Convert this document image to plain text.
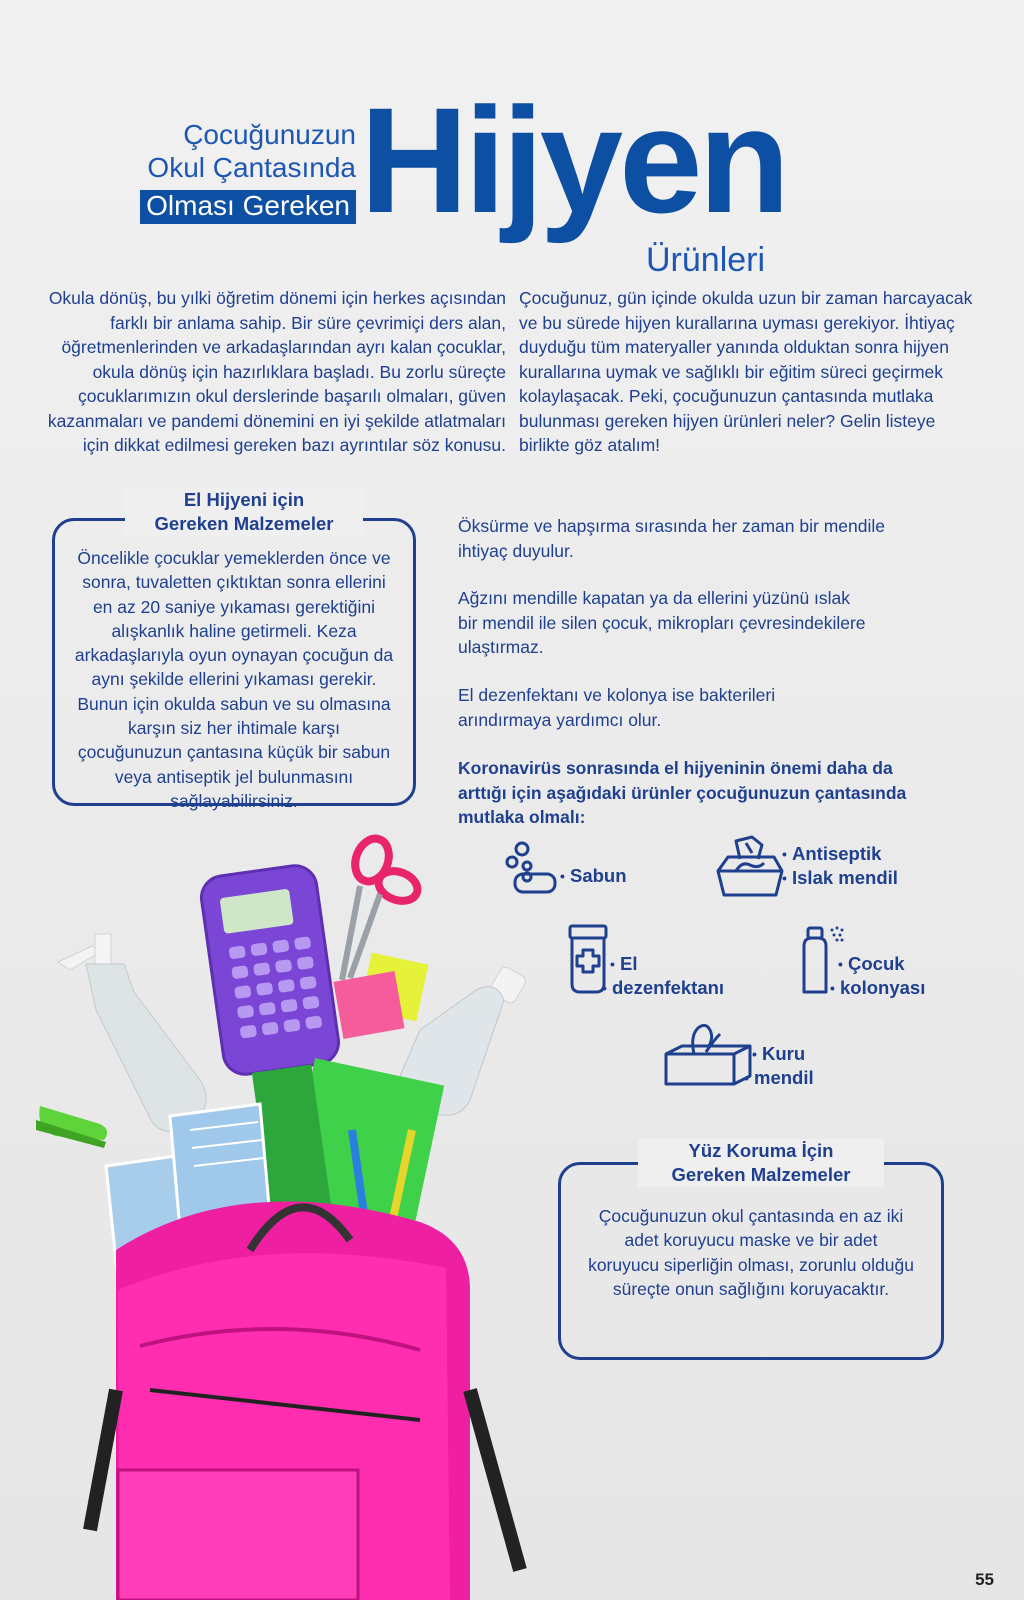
Çocuğunuzun
Okul Çantasında
Olması Gereken Hijyen
Ürünleri
Okula dönüş, bu yılki öğretim dönemi için herkes açısından farklı bir anlama sahip. Bir süre çevrimiçi ders alan, öğretmenlerinden ve arkadaşlarından ayrı kalan çocuklar, okula dönüş için hazırlıklara başladı. Bu zorlu süreçte çocuklarımızın okul derslerinde başarılı olmaları, güven kazanmaları ve pandemi dönemini en iyi şekilde atlatmaları için dikkat edilmesi gereken bazı ayrıntılar söz konusu.
Çocuğunuz, gün içinde okulda uzun bir zaman harcayacak ve bu sürede hijyen kurallarına uyması gerekiyor. İhtiyaç duyduğu tüm materyaller yanında olduktan sonra hijyen kurallarına uymak ve sağlıklı bir eğitim süreci geçirmek kolaylaşacak. Peki, çocuğunuzun çantasında mutlaka bulunması gereken hijyen ürünleri neler? Gelin listeye birlikte göz atalım!
El Hijyeni için
Gereken Malzemeler
Öncelikle çocuklar yemeklerden önce ve sonra, tuvaletten çıktıktan sonra ellerini en az 20 saniye yıkaması gerektiğini alışkanlık haline getirmeli. Keza arkadaşlarıyla oyun oynayan çocuğun da aynı şekilde ellerini yıkaması gerekir. Bunun için okulda sabun ve su olmasına karşın siz her ihtimale karşı çocuğunuzun çantasına küçük bir sabun veya antiseptik jel bulunmasını sağlayabilirsiniz.
Öksürme ve hapşırma sırasında her zaman bir mendile ihtiyaç duyulur.
Ağzını mendille kapatan ya da ellerini yüzünü ıslak bir mendil ile silen çocuk, mikropları çevresindekilere ulaştırmaz.
El dezenfektanı ve kolonya ise bakterileri arındırmaya yardımcı olur.
Koronavirüs sonrasında el hijyeninin önemi daha da arttığı için aşağıdaki ürünler çocuğunuzun çantasında mutlaka olmalı:
• Sabun
• Antiseptik
• Islak mendil
• El
• dezenfektanı
• Çocuk
• kolonyası
• Kuru
• mendil
Yüz Koruma İçin
Gereken Malzemeler
Çocuğunuzun okul çantasında en az iki adet koruyucu maske ve bir adet koruyucu siperliğin olması, zorunlu olduğu süreçte onun sağlığını koruyacaktır.
55
